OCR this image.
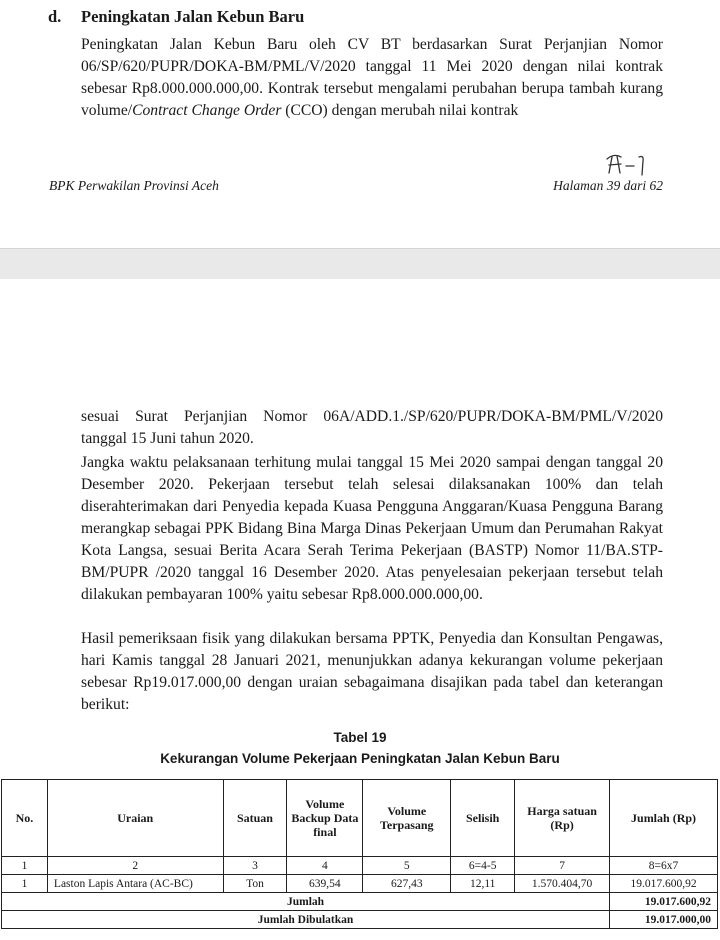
d. Peningkatan Jalan Kebun Baru
Peningkatan Jalan Kebun Baru oleh CV BT berdasarkan Surat Perjanjian Nomor 06/SP/620/PUPR/DOKA-BM/PML/V/2020 tanggal 11 Mei 2020 dengan nilai kontrak sebesar Rp8.000.000.000,00. Kontrak tersebut mengalami perubahan berupa tambah kurang volume/Contract Change Order (CCO) dengan merubah nilai kontrak
BPK Perwakilan Provinsi Aceh	Halaman 39 dari 62
sesuai Surat Perjanjian Nomor 06A/ADD.1./SP/620/PUPR/DOKA-BM/PML/V/2020 tanggal 15 Juni tahun 2020.
Jangka waktu pelaksanaan terhitung mulai tanggal 15 Mei 2020 sampai dengan tanggal 20 Desember 2020. Pekerjaan tersebut telah selesai dilaksanakan 100% dan telah diserahterimakan dari Penyedia kepada Kuasa Pengguna Anggaran/Kuasa Pengguna Barang merangkap sebagai PPK Bidang Bina Marga Dinas Pekerjaan Umum dan Perumahan Rakyat Kota Langsa, sesuai Berita Acara Serah Terima Pekerjaan (BASTP) Nomor 11/BA.STP-BM/PUPR /2020 tanggal 16 Desember 2020. Atas penyelesaian pekerjaan tersebut telah dilakukan pembayaran 100% yaitu sebesar Rp8.000.000.000,00.
Hasil pemeriksaan fisik yang dilakukan bersama PPTK, Penyedia dan Konsultan Pengawas, hari Kamis tanggal 28 Januari 2021, menunjukkan adanya kekurangan volume pekerjaan sebesar Rp19.017.000,00 dengan uraian sebagaimana disajikan pada tabel dan keterangan berikut:
Tabel 19
Kekurangan Volume Pekerjaan Peningkatan Jalan Kebun Baru
No.	Uraian	Satuan	Volume Backup Data final	Volume Terpasang	Selisih	Harga satuan (Rp)	Jumlah (Rp)
1	2	3	4	5	6=4-5	7	8=6x7
1	Laston Lapis Antara (AC-BC)	Ton	639,54	627,43	12,11	1.570.404,70	19.017.600,92
Jumlah							19.017.600,92
Jumlah Dibulatkan							19.017.000,00
